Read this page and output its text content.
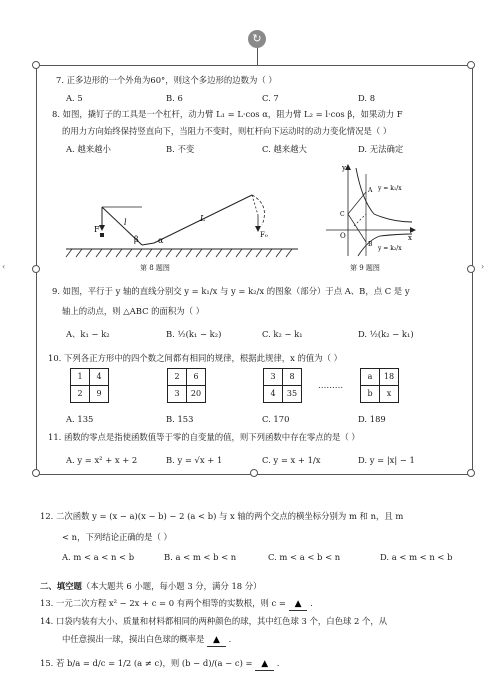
↻
‹	›
7. 正多边形的一个外角为60°，则这个多边形的边数为（ ）
A. 5	B. 6	C. 7	D. 8
8. 如图，撬钉子的工具是一个杠杆，动力臂 L₁ = L·cos α，阻力臂 L₂ = l·cos β，如果动力 F
的用力方向始终保持竖直向下，当阻力不变时，则杠杆向下运动时的动力变化情况是（ ）
A. 越来越小	B. 不变	C. 越来越大	D. 无法确定
F
β α
l	L
F₀
第 8 题图
y
x
O
A
B
C
y = k₁/x
y = k₂/x
第 9 题图
9. 如图，平行于 y 轴的直线分别交 y = k₁/x 与 y = k₂/x 的图象（部分）于点 A、B，点 C 是 y
轴上的动点，则 △ABC 的面积为（ ）
A、k₁ − k₂	B. ½(k₁ − k₂)	C. k₂ − k₁	D. ½(k₂ − k₁)
10. 下列各正方形中的四个数之间都有相同的规律，根据此规律，x 的值为（ ）
1	4
2	9
2	6
3	20
3	8
4	35
………
a	18
b	x
A. 135	B. 153	C. 170	D. 189
11. 函数的零点是指使函数值等于零的自变量的值，则下列函数中存在零点的是（ ）
A. y = x² + x + 2	B. y = √x + 1	C. y = x + 1/x	D. y = |x| − 1
12. 二次函数 y = (x − a)(x − b) − 2 (a < b) 与 x 轴的两个交点的横坐标分别为 m 和 n，且 m
< n，下列结论正确的是（ ）
A. m < a < n < b	B. a < m < b < n	C. m < a < b < n	D. a < m < n < b
二、填空题（本大题共 6 小题，每小题 3 分，满分 18 分）
13. 一元二次方程 x² − 2x + c = 0 有两个相等的实数根，则 c = ▲ .
14. 口袋内装有大小、质量和材料都相同的两种颜色的球，其中红色球 3 个，白色球 2 个，从
中任意摸出一球，摸出白色球的概率是 ▲ .
15. 若 b/a = d/c = 1/2 (a ≠ c)，则 (b − d)/(a − c) = ▲ .
